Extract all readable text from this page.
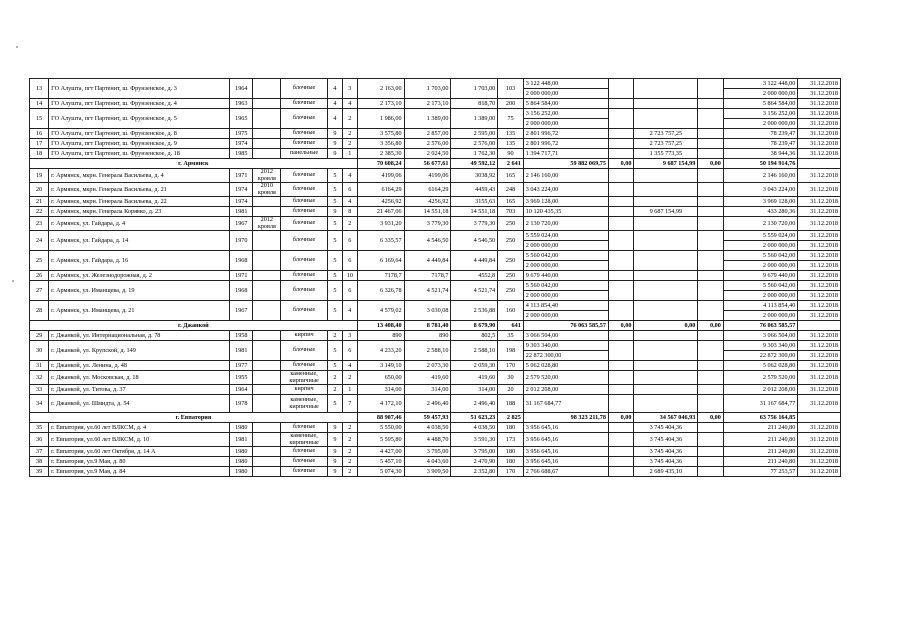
13	ГО Алушта, пгт Партенит, ш. Фрунзенское, д. 3	1964		блочные	4	3	2 163,00	1 703,00	1 703,00	103	3 122 448,00				3 122 448,00	31.12.2018
											2 000 000,00				2 000 000,00	31.12.2018
14	ГО Алушта, пгт Партенит, ш. Фрунзенское, д. 4	1963		блочные	4	4	2 173,10	2 173,10	818,70	200	5 864 584,00				5 864 584,00	31.12.2018
15	ГО Алушта, пгт Партенит, ш. Фрунзенское, д. 5	1965		блочные	4	2	1 986,00	1 389,00	1 389,00	75	3 156 252,00				3 156 252,00	31.12.2018
											2 000 000,00				2 000 000,00	31.12.2018
16	ГО Алушта, пгт Партенит, ш. Фрунзенское, д. 8	1975		блочные	9	2	3 575,80	2 857,00	2 595,00	135	2 801 996,72		2 723 757,25		78 239,47	31.12.2018
17	ГО Алушта, пгт Партенит, ш. Фрунзенское, д. 9	1974		блочные	9	2	3 356,80	2 576,00	2 576,00	135	2 801 996,72		2 723 757,25		78 239,47	31.12.2018
18	ГО Алушта, пгт Партенит, ш. Фрунзенское, д. 18	1985		панельные	9	1	2 385,30	2 024,50	1 762,30	90	1 394 717,71		1 355 773,35		38 944,36	31.12.2018
г. Армянск							70 608,24	56 677,61	49 592,12	2 641	59 882 069,75	0,00	9 687 154,99	0,00	50 194 914,76	
19	г. Армянск, мкрн. Генерала Васильева, д. 4	1971	2012 кровля	блочные	5	4	4199,06	4199,06	3038,92	165	2 146 160,00				2 146 160,00	31.12.2018
20	г. Армянск, мкрн. Генерала Васильева, д. 21	1974	2010 кровля	блочные	5	6	6164,29	6164,29	4459,43	248	3 043 224,00				3 043 224,00	31.12.2018
21	г. Армянск, мкрн. Генерала Васильева, д. 22	1974		блочные	5	4	4256,92	4256,92	3155,63	165	3 969 128,00				3 969 128,00	31.12.2018
22	г. Армянск, мкрн. Генерала Корявко, д. 23	1981		блочные	9	8	21 467,06	14 551,18	14 551,18	703	10 120 435,35		9 687 154,99		433 280,36	31.12.2018
23	г. Армянск, ул. Гайдара, д. 4	1967	2012 кровля	блочные	5	2	3 931,20	3 779,30	3 779,30	250	2 130 720,00				2 130 720,00	31.12.2018
24	г. Армянск, ул. Гайдара, д. 14	1970		блочные	5	6	6 335,57	4 546,50	4 546,50	250	5 559 024,00				5 559 024,00	31.12.2018
											2 000 000,00				2 000 000,00	31.12.2018
25	г. Армянск, ул. Гайдара, д. 16	1968		блочные	5	6	6 169,64	4 449,84	4 449,84	250	5 560 042,00				5 560 042,00	31.12.2018
											2 000 000,00				2 000 000,00	31.12.2018
26	г. Армянск, ул. Железнодорожная, д. 2	1971		блочные	5	10	7178,7	7178,7	4552,8	250	9 679 440,00				9 679 440,00	31.12.2018
27	г. Армянск, ул. Иманщева, д. 19	1968		блочные	5	6	6 326,78	4 521,74	4 521,74	250	5 560 042,00				5 560 042,00	31.12.2018
											2 000 000,00				2 000 000,00	31.12.2018
28	г. Армянск, ул. Иманщева, д. 21	1967		блочные	5	4	4 579,02	3 030,08	2 536,88	160	4 113 854,40				4 113 854,40	31.12.2018
											2 000 000,00				2 000 000,00	31.12.2018
г. Джанкой							13 408,40	8 781,40	8 679,90	641	76 063 585,57	0,00	0,00	0,00	76 063 585,57	
29	г. Джанкой, ул. Интернациональная, д. 78	1958		кирпич	2	3	890	890	802,5	35	3 066 504,00				3 066 504,00	31.12.2018
30	г. Джанкой, ул. Крупской, д. 149	1981		блочные	5	6	4 233,20	2 588,10	2 588,10	198	9 303 340,00				9 303 340,00	31.12.2018
											22 872 300,00				22 872 300,00	31.12.2018
31	г. Джанкой, ул. Ленина, д. 48	1977		блочные	5	4	3 149,10	2 073,30	2 059,30	170	5 062 028,80				5 062 028,80	31.12.2018
32	г. Джанкой, ул. Московская, д. 18	1955		каменные, кирпичные	2	2	650,00	419,60	419,60	30	2 579 520,00				2 579 520,00	31.12.2018
33	г. Джанкой, ул. Титова, д. 37	1964		кирпич	2	1	314,00	314,00	314,00	20	2 012 208,00				2 012 208,00	31.12.2018
34	г. Джанкой, ул. Шмидта, д. 54	1978		каменные, кирпичные	5	7	4 172,10	2 496,40	2 496,40	188	31 167 684,77				31 167 684,77	31.12.2018
г. Евпатория							88 907,46	59 457,93	51 623,23	2 825	98 323 211,78	0,00	34 567 046,93	0,00	63 756 164,85	
35	г. Евпатория, ул.60 лет ВЛКСМ, д. 4	1980		блочные	9	2	5 550,00	4 038,50	4 038,50	180	3 956 645,16		3 745 404,36		211 240,80	31.12.2018
36	г. Евпатория, ул.60 лет ВЛКСМ, д. 10	1981		каменные, кирпичные	9	2	5 595,80	4 488,70	3 591,30	173	3 956 645,16		3 745 404,36		211 240,80	31.12.2018
37	г. Евпатория, ул.60 лет Октября, д. 14 А	1980		блочные	9	2	4 427,00	3 795,00	3 795,00	180	3 956 645,16		3 745 404,36		211 240,80	31.12.2018
38	г. Евпатория, ул.9 Мая, д. 80	1980		блочные	9	2	5 457,10	4 043,60	2 470,90	180	3 956 645,16		3 745 404,36		211 240,80	31.12.2018
39	г. Евпатория, ул.9 Мая, д. 84	1980		блочные	9	2	5 074,30	3 909,50	2 352,80	170	2 766 688,67		2 689 435,10		77 253,57	31.12.2018
